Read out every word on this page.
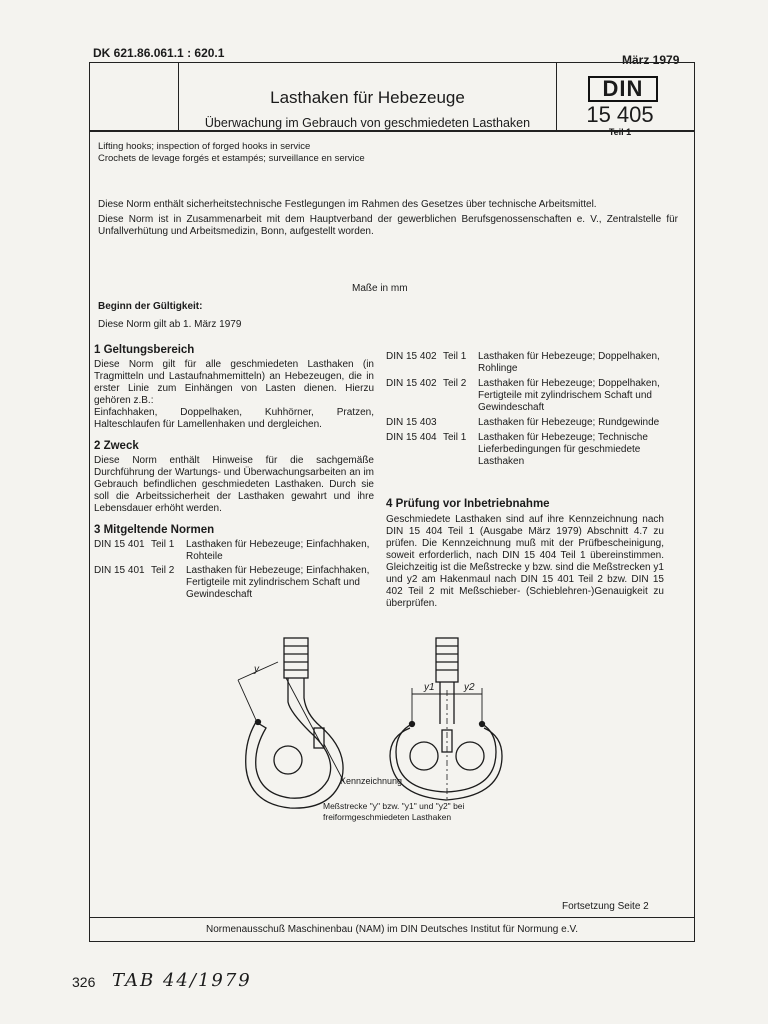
DK 621.86.061.1 : 620.1	März 1979
Lasthaken für Hebezeuge
Überwachung im Gebrauch von geschmiedeten Lasthaken
DIN
15 405
Teil 1
Lifting hooks; inspection of forged hooks in service
Crochets de levage forgés et estampés; surveillance en service
Diese Norm enthält sicherheitstechnische Festlegungen im Rahmen des Gesetzes über technische Arbeitsmittel.
Diese Norm ist in Zusammenarbeit mit dem Hauptverband der gewerblichen Berufsgenossenschaften e. V., Zentralstelle für Unfallverhütung und Arbeitsmedizin, Bonn, aufgestellt worden.
Maße in mm
Beginn der Gültigkeit:
Diese Norm gilt ab 1. März 1979
1 Geltungsbereich
Diese Norm gilt für alle geschmiedeten Lasthaken (in Tragmitteln und Lastaufnahmemitteln) an Hebezeugen, die in erster Linie zum Einhängen von Lasten dienen. Hierzu gehören z.B.:
Einfachhaken, Doppelhaken, Kuhhörner, Pratzen, Halteschlaufen für Lamellenhaken und dergleichen.
2 Zweck
Diese Norm enthält Hinweise für die sachgemäße Durchführung der Wartungs- und Überwachungsarbeiten an im Gebrauch befindlichen geschmiedeten Lasthaken. Durch sie soll die Arbeitssicherheit der Lasthaken gewahrt und ihre Lebensdauer erhöht werden.
3 Mitgeltende Normen
DIN 15 401 Teil 1	Lasthaken für Hebezeuge; Einfachhaken, Rohteile
DIN 15 401 Teil 2	Lasthaken für Hebezeuge; Einfachhaken, Fertigteile mit zylindrischem Schaft und Gewindeschaft
DIN 15 402 Teil 1	Lasthaken für Hebezeuge; Doppelhaken, Rohlinge
DIN 15 402 Teil 2	Lasthaken für Hebezeuge; Doppelhaken, Fertigteile mit zylindrischem Schaft und Gewindeschaft
DIN 15 403	Lasthaken für Hebezeuge; Rundgewinde
DIN 15 404 Teil 1	Lasthaken für Hebezeuge; Technische Lieferbedingungen für geschmiedete Lasthaken
4 Prüfung vor Inbetriebnahme
Geschmiedete Lasthaken sind auf ihre Kennzeichnung nach DIN 15 404 Teil 1 (Ausgabe März 1979) Abschnitt 4.7 zu prüfen. Die Kennzeichnung muß mit der Prüfbescheinigung, soweit erforderlich, nach DIN 15 404 Teil 1 übereinstimmen. Gleichzeitig ist die Meßstrecke y bzw. sind die Meßstrecken y1 und y2 am Hakenmaul nach DIN 15 401 Teil 2 bzw. DIN 15 402 Teil 2 mit Meßschieber- (Schieblehren-)Genauigkeit zu überprüfen.
y
y1	y2
Kennzeichnung
Meßstrecke "y" bzw. "y1" und "y2" bei
freiformgeschmiedeten Lasthaken
Fortsetzung Seite 2
Normenausschuß Maschinenbau (NAM) im DIN Deutsches Institut für Normung e.V.
326 TAB 44/1979
